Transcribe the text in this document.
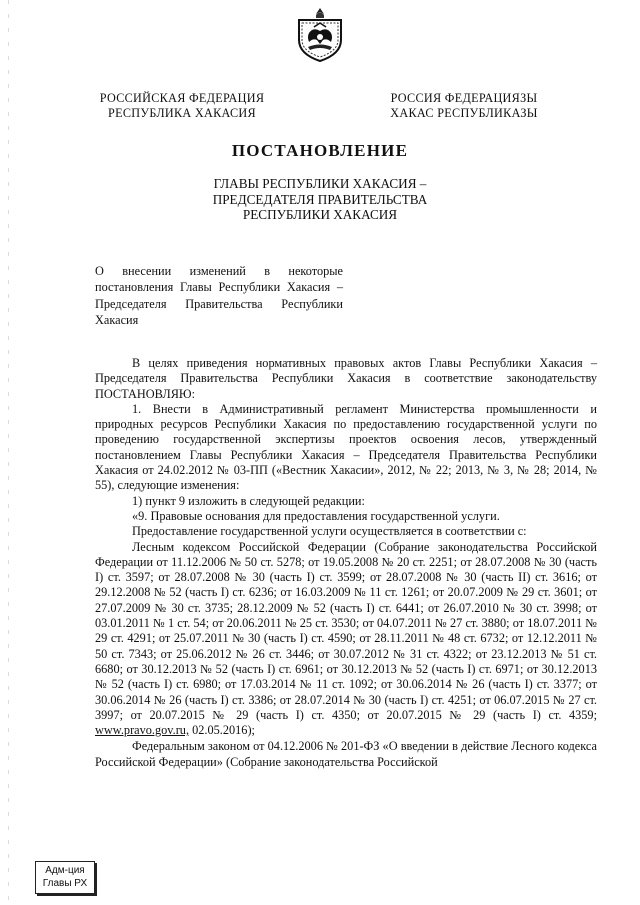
РОССИЙСКАЯ ФЕДЕРАЦИЯ
РЕСПУБЛИКА ХАКАСИЯ
РОССИЯ ФЕДЕРАЦИЯЗЫ
ХАКАС РЕСПУБЛИКАЗЫ
ПОСТАНОВЛЕНИЕ
ГЛАВЫ РЕСПУБЛИКИ ХАКАСИЯ –
ПРЕДСЕДАТЕЛЯ ПРАВИТЕЛЬСТВА
РЕСПУБЛИКИ ХАКАСИЯ
О внесении изменений в некоторые постановления Главы Республики Хакасия – Председателя Правительства Республики Хакасия

В целях приведения нормативных правовых актов Главы Республики Хакасия – Председателя Правительства Республики Хакасия в соответствие законодательству ПОСТАНОВЛЯЮ:

1. Внести в Административный регламент Министерства промышленности и природных ресурсов Республики Хакасия по предоставлению государственной услуги по проведению государственной экспертизы проектов освоения лесов, утвержденный постановлением Главы Республики Хакасия – Председателя Правительства Республики Хакасия от 24.02.2012 № 03-ПП («Вестник Хакасии», 2012, № 22; 2013, № 3, № 28; 2014, № 55), следующие изменения:

1) пункт 9 изложить в следующей редакции:

«9. Правовые основания для предоставления государственной услуги.

Предоставление государственной услуги осуществляется в соответствии с:

Лесным кодексом Российской Федерации (Собрание законодательства Российской Федерации от 11.12.2006 № 50 ст. 5278; от 19.05.2008 № 20 ст. 2251; от 28.07.2008 № 30 (часть I) ст. 3597; от 28.07.2008 № 30 (часть I) ст. 3599; от 28.07.2008 № 30 (часть II) ст. 3616; от 29.12.2008 № 52 (часть I) ст. 6236; от 16.03.2009 № 11 ст. 1261; от 20.07.2009 № 29 ст. 3601; от 27.07.2009 № 30 ст. 3735; 28.12.2009 № 52 (часть I) ст. 6441; от 26.07.2010 № 30 ст. 3998; от 03.01.2011 № 1 ст. 54; от 20.06.2011 № 25 ст. 3530; от 04.07.2011 № 27 ст. 3880; от 18.07.2011 № 29 ст. 4291; от 25.07.2011 № 30 (часть I) ст. 4590; от 28.11.2011 № 48 ст. 6732; от 12.12.2011 № 50 ст. 7343; от 25.06.2012 № 26 ст. 3446; от 30.07.2012 № 31 ст. 4322; от 23.12.2013 № 51 ст. 6680; от 30.12.2013 № 52 (часть I) ст. 6961; от 30.12.2013 № 52 (часть I) ст. 6971; от 30.12.2013 № 52 (часть I) ст. 6980; от 17.03.2014 № 11 ст. 1092; от 30.06.2014 № 26 (часть I) ст. 3377; от 30.06.2014 № 26 (часть I) ст. 3386; от 28.07.2014 № 30 (часть I) ст. 4251; от 06.07.2015 № 27 ст. 3997; от 20.07.2015 № 29 (часть I) ст. 4350; от 20.07.2015 № 29 (часть I) ст. 4359; www.pravo.gov.ru, 02.05.2016);

Федеральным законом от 04.12.2006 № 201-ФЗ «О введении в действие Лесного кодекса Российской Федерации» (Собрание законодательства Российской

Адм-ция
Главы РХ
